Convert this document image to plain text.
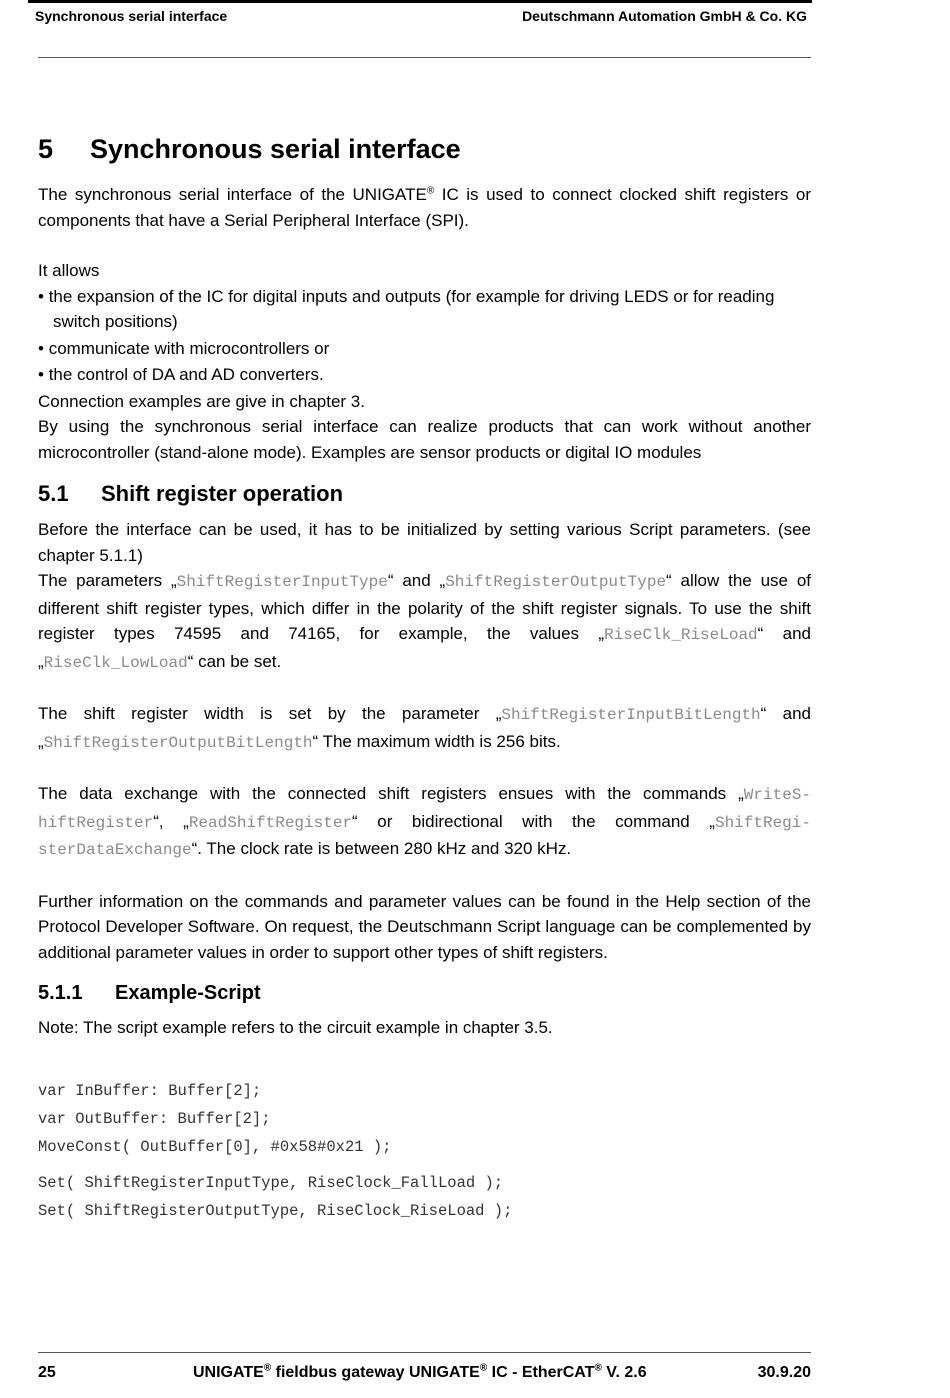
Synchronous serial interface	Deutschmann Automation GmbH & Co. KG
5 Synchronous serial interface

The synchronous serial interface of the UNIGATE® IC is used to connect clocked shift registers or components that have a Serial Peripheral Interface (SPI).

It allows

• the expansion of the IC for digital inputs and outputs (for example for driving LEDS or for reading switch positions)
• communicate with microcontrollers or
• the control of DA and AD converters.

Connection examples are give in chapter 3.

By using the synchronous serial interface can realize products that can work without another microcontroller (stand-alone mode). Examples are sensor products or digital IO modules

5.1 Shift register operation

Before the interface can be used, it has to be initialized by setting various Script parameters. (see chapter 5.1.1)

The parameters „ShiftRegisterInputType“ and „ShiftRegisterOutputType“ allow the use of different shift register types, which differ in the polarity of the shift register signals. To use the shift register types 74595 and 74165, for example, the values „RiseClk_RiseLoad“ and „RiseClk_LowLoad“ can be set.

The shift register width is set by the parameter „ShiftRegisterInputBitLength“ and „ShiftRegisterOutputBitLength“ The maximum width is 256 bits.

The data exchange with the connected shift registers ensues with the commands „WriteS-hiftRegister“, „ReadShiftRegister“ or bidirectional with the command „ShiftRegi-sterDataExchange“. The clock rate is between 280 kHz and 320 kHz.

Further information on the commands and parameter values can be found in the Help section of the Protocol Developer Software. On request, the Deutschmann Script language can be complemented by additional parameter values in order to support other types of shift registers.

5.1.1 Example-Script

Note: The script example refers to the circuit example in chapter 3.5.

var InBuffer: Buffer[2];
var OutBuffer: Buffer[2];
MoveConst( OutBuffer[0], #0x58#0x21 );
Set( ShiftRegisterInputType, RiseClock_FallLoad );
Set( ShiftRegisterOutputType, RiseClock_RiseLoad );
25	UNIGATE® fieldbus gateway UNIGATE® IC - EtherCAT® V. 2.6	30.9.20
